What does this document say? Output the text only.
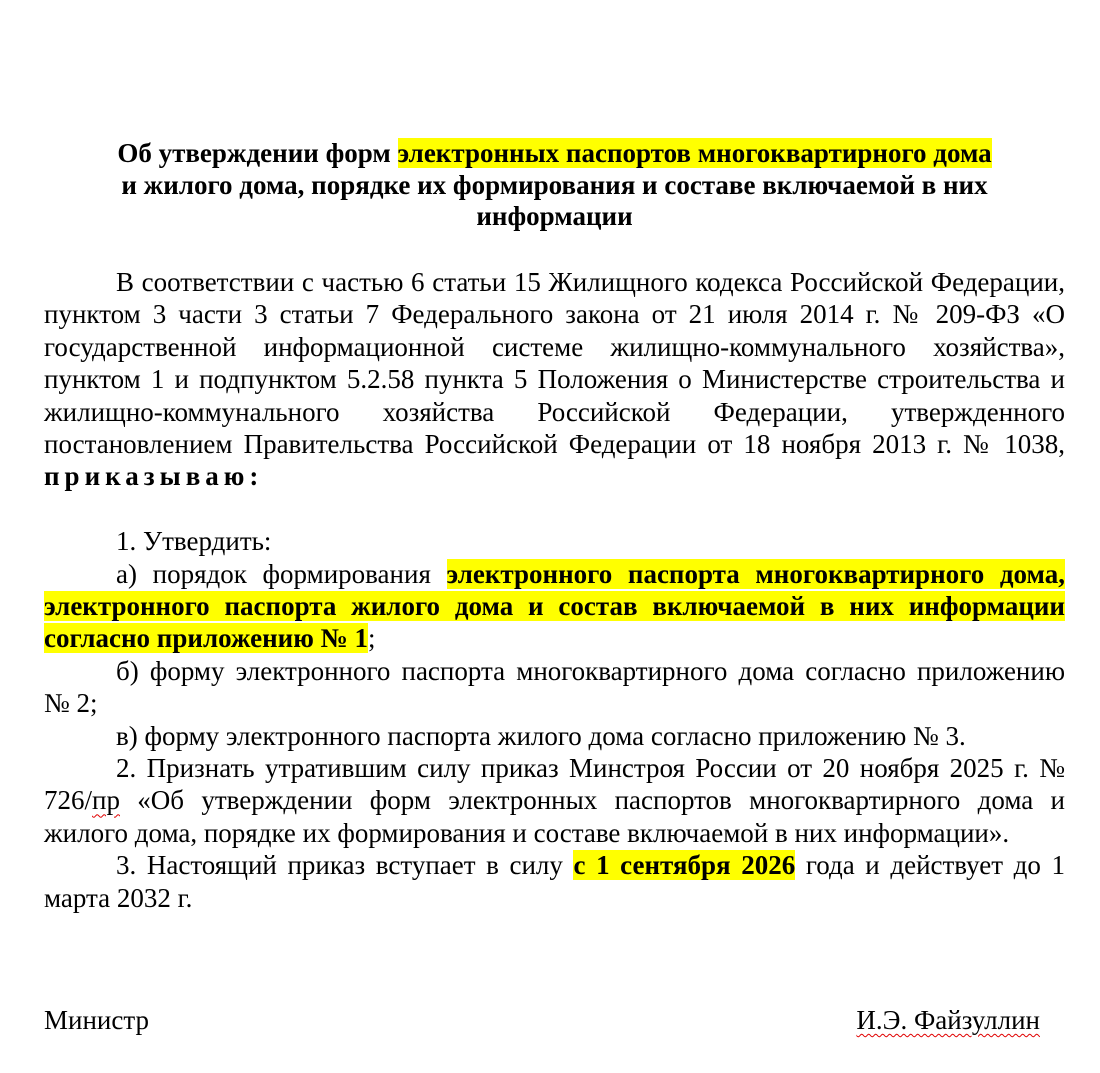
Об утверждении форм электронных паспортов многоквартирного дома
и жилого дома, порядке их формирования и составе включаемой в них информации

В соответствии с частью 6 статьи 15 Жилищного кодекса Российской Федерации, пунктом 3 части 3 статьи 7 Федерального закона от 21 июля 2014 г. № 209-ФЗ «О государственной информационной системе жилищно-коммунального хозяйства», пунктом 1 и подпунктом 5.2.58 пункта 5 Положения о Министерстве строительства и жилищно-коммунального хозяйства Российской Федерации, утвержденного постановлением Правительства Российской Федерации от 18 ноября 2013 г. № 1038, приказываю:

1. Утвердить:

а) порядок формирования электронного паспорта многоквартирного дома, электронного паспорта жилого дома и состав включаемой в них информации согласно приложению № 1;

б) форму электронного паспорта многоквартирного дома согласно приложению № 2;

в) форму электронного паспорта жилого дома согласно приложению № 3.

2. Признать утратившим силу приказ Минстроя России от 20 ноября 2025 г. № 726/пр «Об утверждении форм электронных паспортов многоквартирного дома и жилого дома, порядке их формирования и составе включаемой в них информации».

3. Настоящий приказ вступает в силу с 1 сентября 2026 года и действует до 1 марта 2032 г.

Министр	И.Э. Файзуллин
